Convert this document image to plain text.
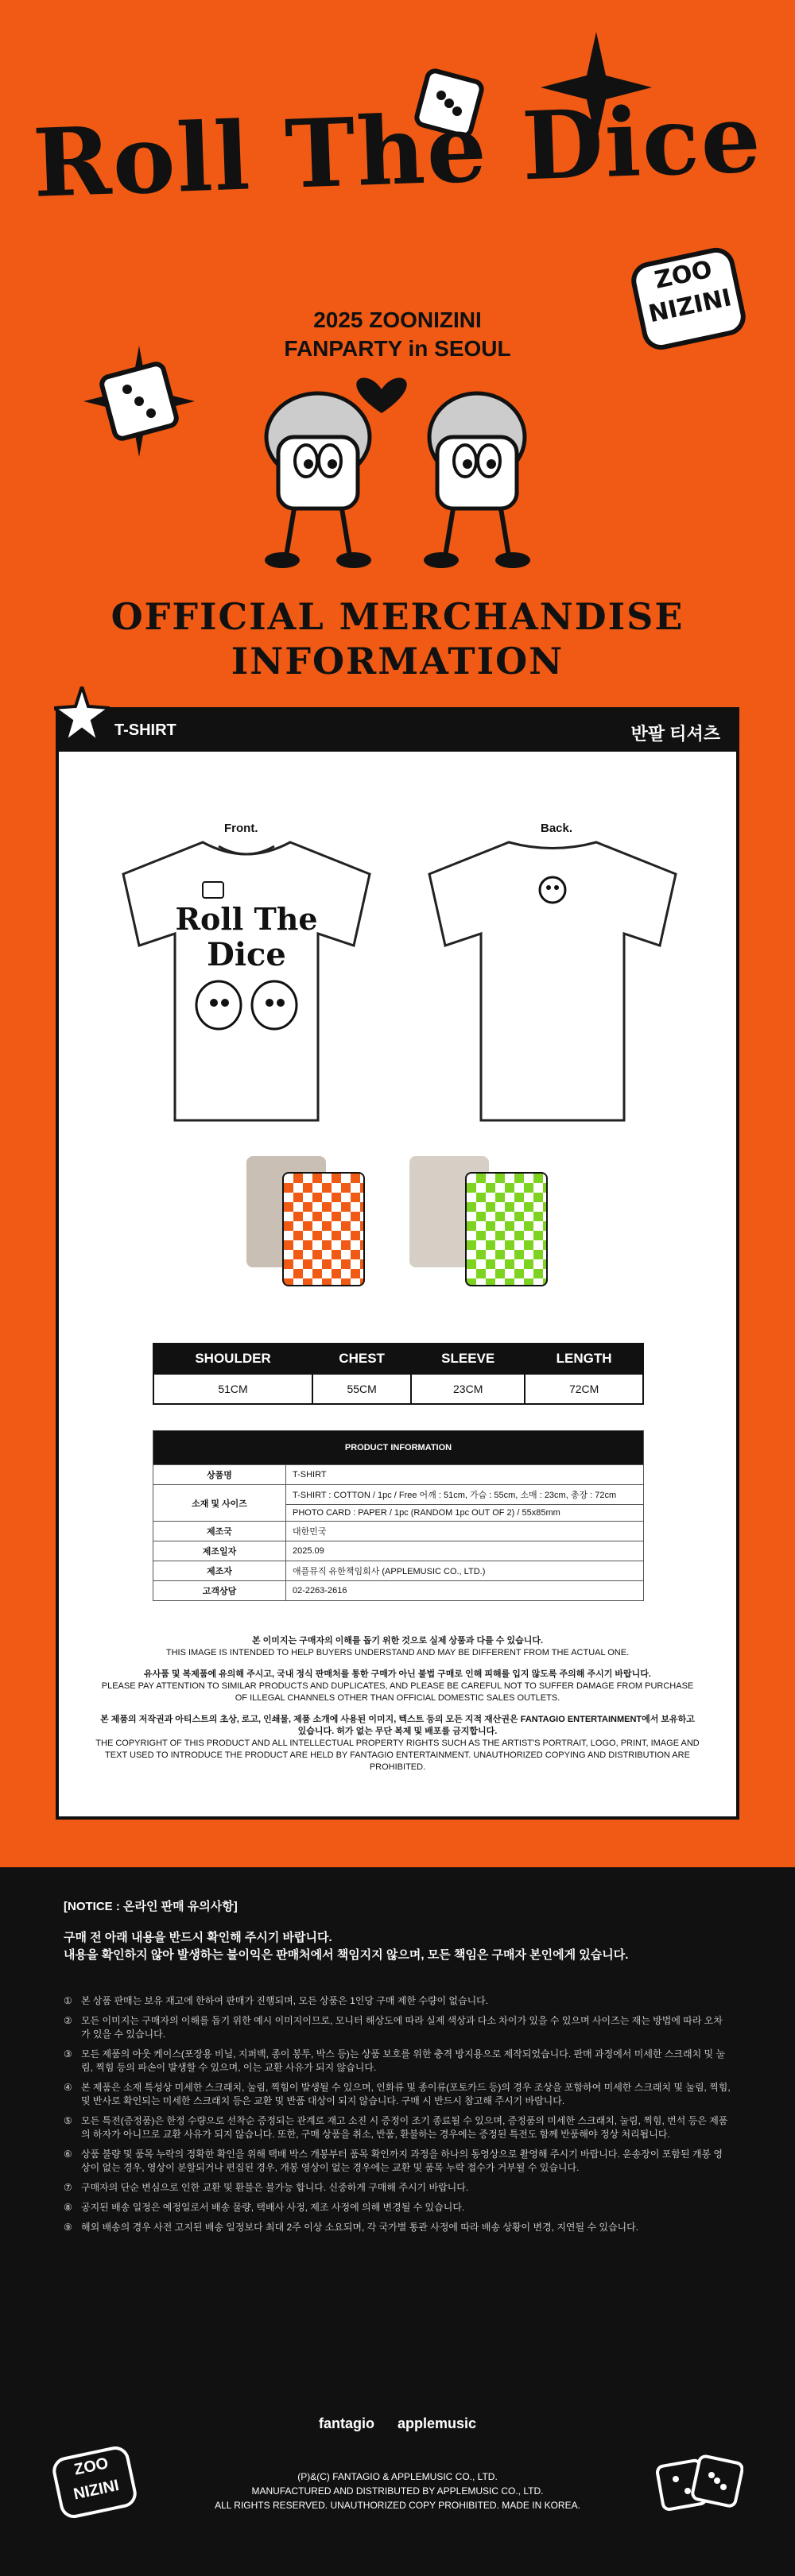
Roll The Dice
2025 ZOONIZINI
FANPARTY in SEOUL
ZOO NIZINI
OFFICIAL MERCHANDISE
INFORMATION
T-SHIRT	반팔 티셔츠
Front.	Back.
Roll The
Dice
SHOULDER	CHEST	SLEEVE	LENGTH
51CM	55CM	23CM	72CM
PRODUCT INFORMATION	
상품명	T-SHIRT
소재 및 사이즈	T-SHIRT : COTTON / 1pc / Free 어깨 : 51cm, 가슴 : 55cm, 소매 : 23cm, 총장 : 72cm
	PHOTO CARD : PAPER / 1pc (RANDOM 1pc OUT OF 2) / 55x85mm
제조국	대한민국
제조일자	2025.09
제조자	애플뮤직 유한책임회사 (APPLEMUSIC CO., LTD.)
고객상담	02-2263-2616

본 이미지는 구매자의 이해를 돕기 위한 것으로 실제 상품과 다를 수 있습니다.
THIS IMAGE IS INTENDED TO HELP BUYERS UNDERSTAND AND MAY BE DIFFERENT FROM THE ACTUAL ONE.

유사품 및 복제품에 유의해 주시고, 국내 정식 판매처를 통한 구매가 아닌 불법 구매로 인해 피해를 입지 않도록 주의해 주시기 바랍니다.
PLEASE PAY ATTENTION TO SIMILAR PRODUCTS AND DUPLICATES, AND PLEASE BE CAREFUL NOT TO SUFFER DAMAGE FROM PURCHASE OF ILLEGAL CHANNELS OTHER THAN OFFICIAL DOMESTIC SALES OUTLETS.

본 제품의 저작권과 아티스트의 초상, 로고, 인쇄물, 제품 소개에 사용된 이미지, 텍스트 등의 모든 지적 재산권은 FANTAGIO ENTERTAINMENT에서 보유하고 있습니다. 허가 없는 무단 복제 및 배포를 금지합니다.
THE COPYRIGHT OF THIS PRODUCT AND ALL INTELLECTUAL PROPERTY RIGHTS SUCH AS THE ARTIST'S PORTRAIT, LOGO, PRINT, IMAGE AND TEXT USED TO INTRODUCE THE PRODUCT ARE HELD BY FANTAGIO ENTERTAINMENT. UNAUTHORIZED COPYING AND DISTRIBUTION ARE PROHIBITED.

[NOTICE : 온라인 판매 유의사항]
구매 전 아래 내용을 반드시 확인해 주시기 바랍니다.
내용을 확인하지 않아 발생하는 불이익은 판매처에서 책임지지 않으며, 모든 책임은 구매자 본인에게 있습니다.
① 본 상품 판매는 보유 재고에 한하여 판매가 진행되며, 모든 상품은 1인당 구매 제한 수량이 없습니다.
② 모든 이미지는 구매자의 이해를 돕기 위한 예시 이미지이므로, 모니터 해상도에 따라 실제 색상과 다소 차이가 있을 수 있으며 사이즈는 재는 방법에 따라 오차가 있을 수 있습니다.
③ 모든 제품의 아웃 케이스(포장용 비닐, 지퍼백, 종이 봉투, 박스 등)는 상품 보호를 위한 충격 방지용으로 제작되었습니다. 판매 과정에서 미세한 스크래치 및 눌림, 찍힘 등의 파손이 발생할 수 있으며, 이는 교환 사유가 되지 않습니다.
④ 본 제품은 소재 특성상 미세한 스크래치, 눌림, 찍힘이 발생될 수 있으며, 인화류 및 종이류(포토카드 등)의 경우 조상을 포함하여 미세한 스크래치 및 눌림, 찍힘, 및 반사로 확인되는 미세한 스크래치 등은 교환 및 반품 대상이 되지 않습니다. 구매 시 반드시 참고해 주시기 바랍니다.
⑤ 모든 특전(증정품)은 한정 수량으로 선착순 증정되는 관계로 재고 소진 시 증정이 조기 종료될 수 있으며, 증정품의 미세한 스크래치, 눌림, 찍힘, 번석 등은 제품의 하자가 아니므로 교환 사유가 되지 않습니다. 또한, 구매 상품을 취소, 반품, 환불하는 경우에는 증정된 특전도 함께 반품해야 정상 처리됩니다.
⑥ 상품 불량 및 품목 누락의 정확한 확인을 위해 택배 박스 개봉부터 품목 확인까지 과정을 하나의 동영상으로 촬영해 주시기 바랍니다. 운송장이 포함된 개봉 영상이 없는 경우, 영상이 분할되거나 편집된 경우, 개봉 영상이 없는 경우에는 교환 및 품목 누락 접수가 거부될 수 있습니다.
⑦ 구매자의 단순 변심으로 인한 교환 및 환불은 불가능 합니다. 신중하게 구매해 주시기 바랍니다.
⑧ 공지된 배송 일정은 예정일로서 배송 물량, 택배사 사정, 제조 사정에 의해 변경될 수 있습니다.
⑨ 해외 배송의 경우 사전 고지된 배송 일정보다 최대 2주 이상 소요되며, 각 국가별 통관 사정에 따라 배송 상황이 변경, 지연될 수 있습니다.
fantagio applemusic
(P)&(C) FANTAGIO & APPLEMUSIC CO., LTD.
MANUFACTURED AND DISTRIBUTED BY APPLEMUSIC CO., LTD.
ALL RIGHTS RESERVED. UNAUTHORIZED COPY PROHIBITED. MADE IN KOREA.
ZOO NIZINI
